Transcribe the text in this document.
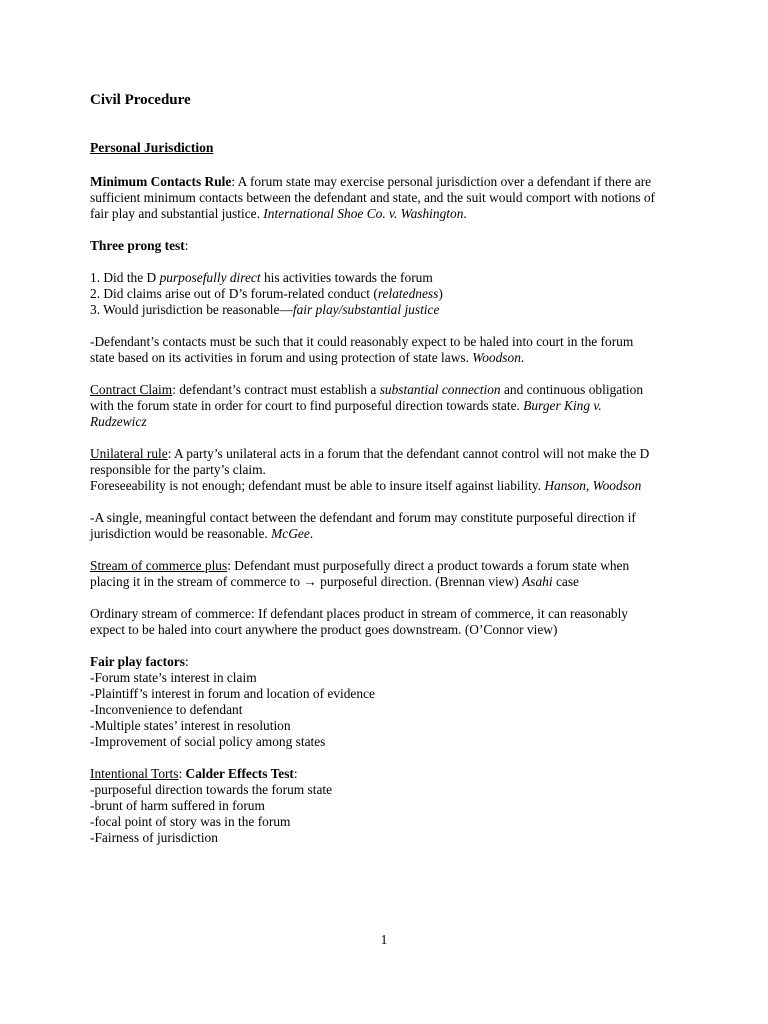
Civil Procedure
Personal Jurisdiction
Minimum Contacts Rule: A forum state may exercise personal jurisdiction over a defendant if there are
sufficient minimum contacts between the defendant and state, and the suit would comport with notions of
fair play and substantial justice. International Shoe Co. v. Washington.
Three prong test:
1. Did the D purposefully direct his activities towards the forum
2. Did claims arise out of D’s forum-related conduct (relatedness)
3. Would jurisdiction be reasonable—fair play/substantial justice
-Defendant’s contacts must be such that it could reasonably expect to be haled into court in the forum
state based on its activities in forum and using protection of state laws. Woodson.
Contract Claim: defendant’s contract must establish a substantial connection and continuous obligation
with the forum state in order for court to find purposeful direction towards state. Burger King v.
Rudzewicz
Unilateral rule: A party’s unilateral acts in a forum that the defendant cannot control will not make the D
responsible for the party’s claim.
Foreseeability is not enough; defendant must be able to insure itself against liability. Hanson, Woodson
-A single, meaningful contact between the defendant and forum may constitute purposeful direction if
jurisdiction would be reasonable. McGee.
Stream of commerce plus: Defendant must purposefully direct a product towards a forum state when
placing it in the stream of commerce to → purposeful direction. (Brennan view) Asahi case
Ordinary stream of commerce: If defendant places product in stream of commerce, it can reasonably
expect to be haled into court anywhere the product goes downstream. (O’Connor view)
Fair play factors:
-Forum state’s interest in claim
-Plaintiff’s interest in forum and location of evidence
-Inconvenience to defendant
-Multiple states’ interest in resolution
-Improvement of social policy among states
Intentional Torts: Calder Effects Test:
-purposeful direction towards the forum state
-brunt of harm suffered in forum
-focal point of story was in the forum
-Fairness of jurisdiction
1
